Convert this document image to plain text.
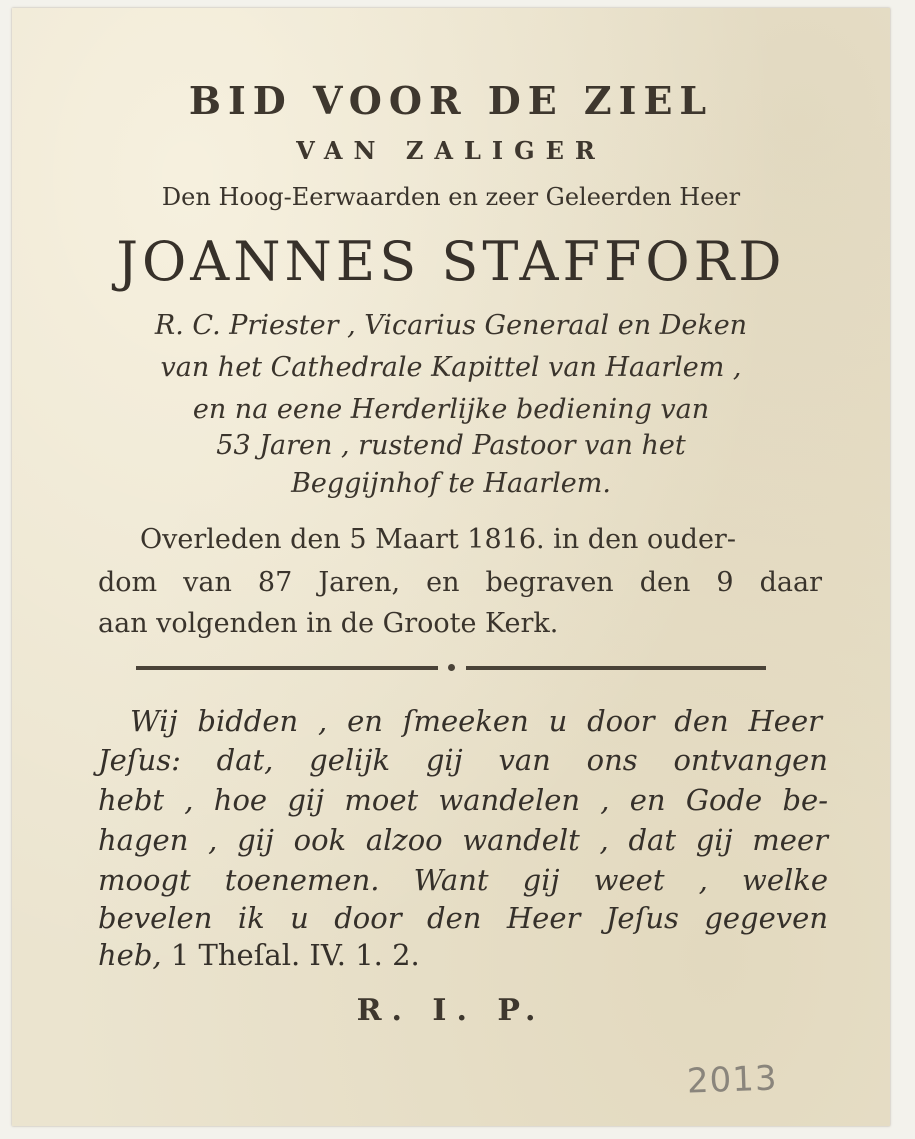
BID VOOR DE ZIEL

VAN ZALIGER

Den Hoog-Eerwaarden en zeer Geleerden Heer

JOANNES STAFFORD

R. C. Priester , Vicarius Generaal en Deken

van het Cathedrale Kapittel van Haarlem ,

en na eene Herderlijke bediening van

53 Jaren , rustend Pastoor van het

Beggijnhof te Haarlem.

Overleden den 5 Maart 1816. in den ouder-
dom van 87 Jaren, en begraven den 9 daar
aan volgenden in de Groote Kerk.
Wij bidden , en ſmeeken u door den Heer
Jeſus: dat, gelijk gij van ons ontvangen
hebt , hoe gij moet wandelen , en Gode be-
hagen , gij ook alzoo wandelt , dat gij meer
moogt toenemen. Want gij weet , welke
bevelen ik u door den Heer Jeſus gegeven
heb, 1 Theſal. IV. 1. 2.

R. I. P.

2013
